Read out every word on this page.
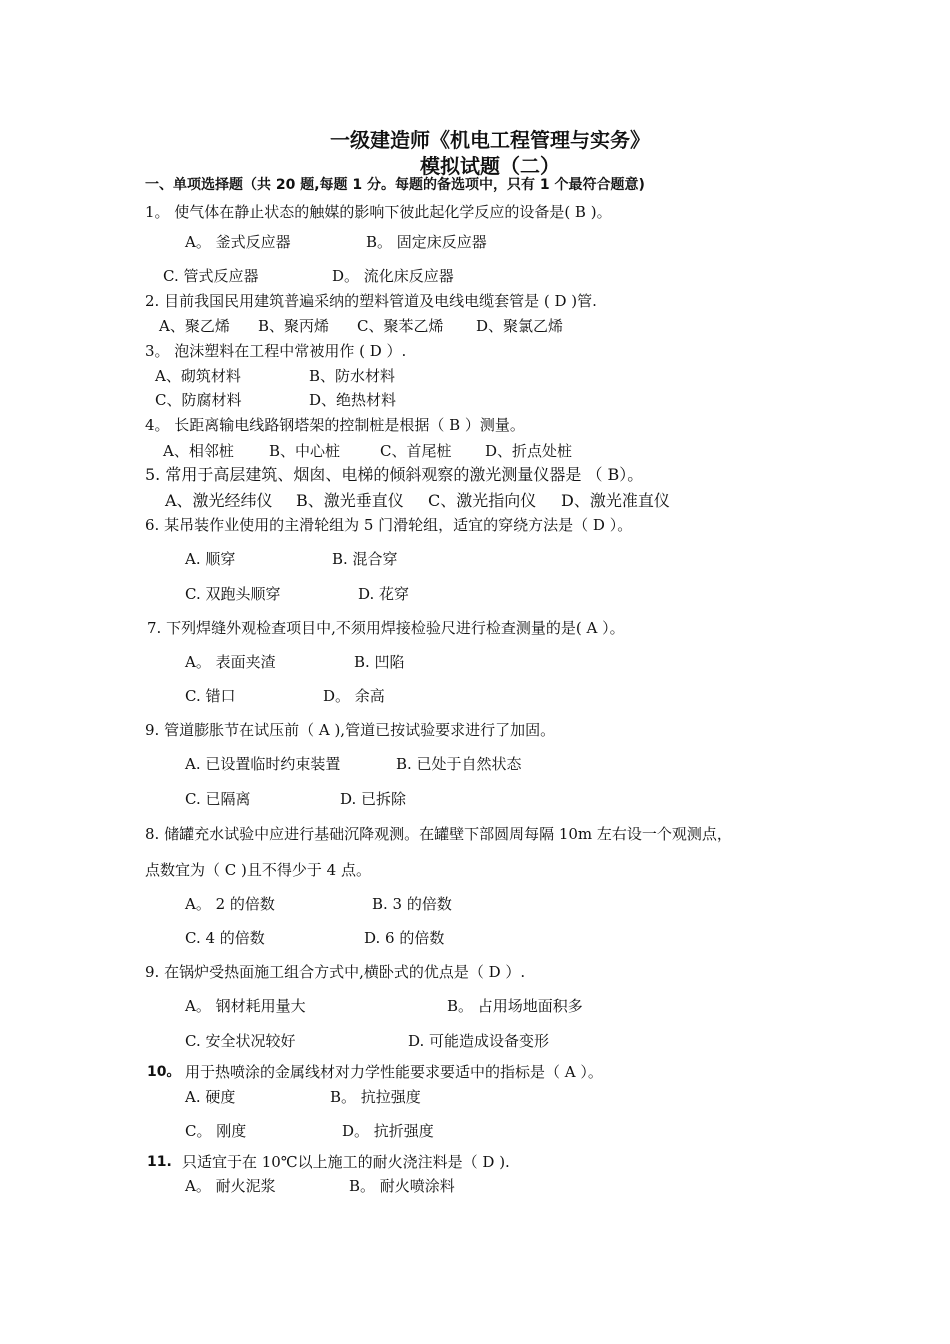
一级建造师《机电工程管理与实务》
模拟试题（二）
一、单项选择题（共 20 题,每题 1 分。每题的备选项中，只有 1 个最符合题意)
1。 使气体在静止状态的触媒的影响下彼此起化学反应的设备是( B )。
A。 釜式反应器	B。 固定床反应器
C. 管式反应器	D。 流化床反应器
2. 目前我国民用建筑普遍采纳的塑料管道及电线电缆套管是 ( D )管.
A、聚乙烯 B、聚丙烯 C、聚苯乙烯 D、聚氯乙烯
3。 泡沫塑料在工程中常被用作 ( D ）.
A、砌筑材料	B、防水材料
C、防腐材料	D、绝热材料
4。 长距离输电线路钢塔架的控制桩是根据（ B ）测量。
A、相邻桩 B、中心桩	C、首尾桩 D、折点处桩
5. 常用于高层建筑、烟囱、电梯的倾斜观察的激光测量仪器是 （ B）。
A、激光经纬仪 B、激光垂直仪 C、激光指向仪 D、激光准直仪
6. 某吊装作业使用的主滑轮组为 5 门滑轮组，适宜的穿绕方法是（ D ）。
A. 顺穿	B. 混合穿
C. 双跑头顺穿	D. 花穿
7. 下列焊缝外观检查项目中,不须用焊接检验尺进行检查测量的是( A ）。
A。 表面夹渣	B. 凹陷
C. 错口	D。 余高
9. 管道膨胀节在试压前（ A ),管道已按试验要求进行了加固。
A. 已设置临时约束装置	B. 已处于自然状态
C. 已隔离	D. 已拆除
8. 储罐充水试验中应进行基础沉降观测。在罐壁下部圆周每隔 10m 左右设一个观测点，
点数宜为（ C )且不得少于 4 点。
A。 2 的倍数	B. 3 的倍数
C. 4 的倍数	D. 6 的倍数
9. 在锅炉受热面施工组合方式中,横卧式的优点是（ D ）.
A。 钢材耗用量大	B。 占用场地面积多
C. 安全状况较好	D. 可能造成设备变形
10。 用于热喷涂的金属线材对力学性能要求要适中的指标是（ A ）。
A. 硬度	B。 抗拉强度
C。 刚度	D。 抗折强度
11. 只适宜于在 10℃以上施工的耐火浇注料是（ D ).
A。 耐火泥浆	B。 耐火喷涂料
